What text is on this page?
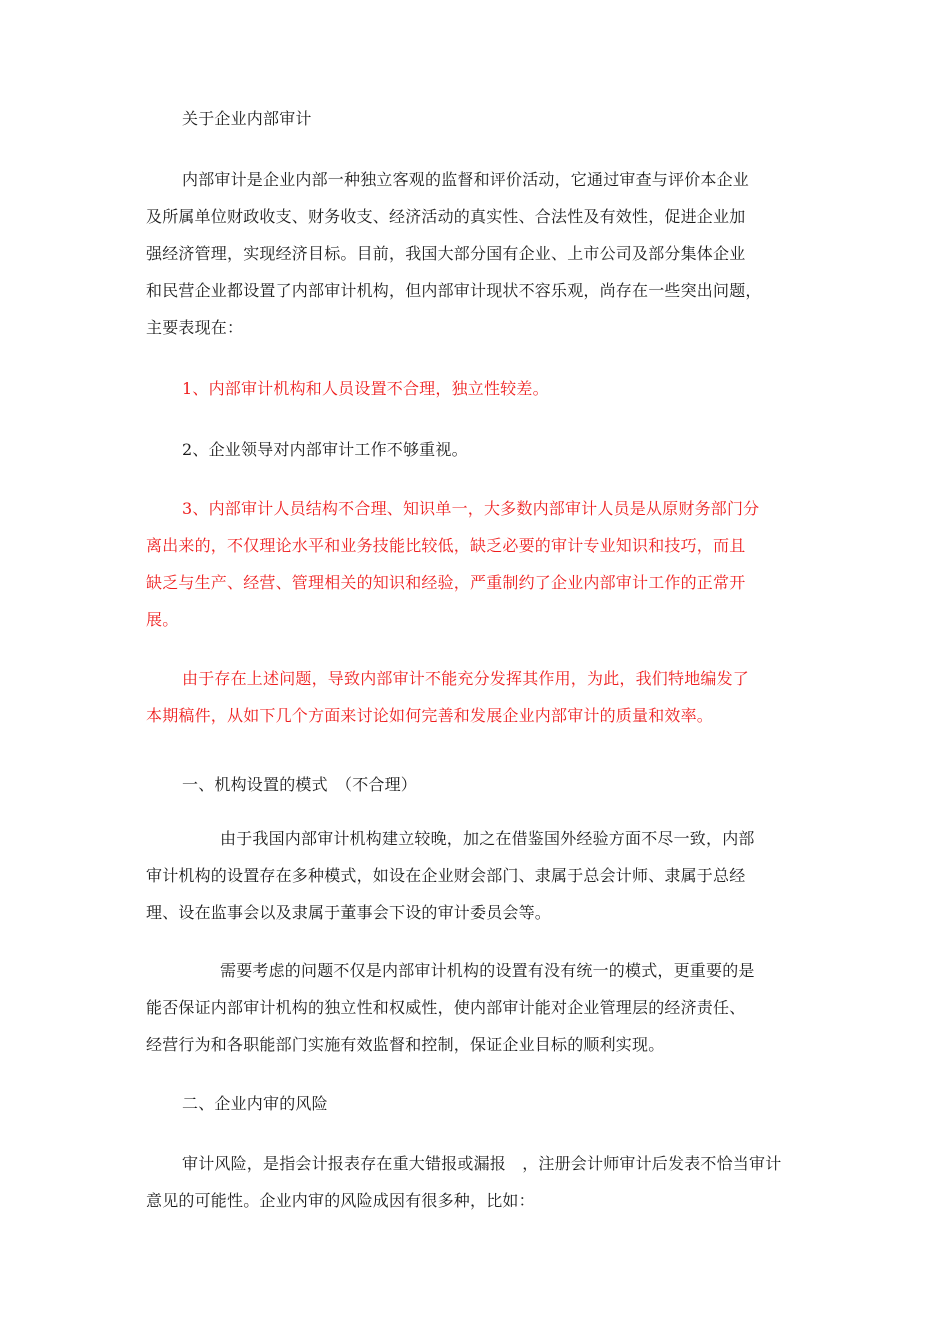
关于企业内部审计

内部审计是企业内部一种独立客观的监督和评价活动，它通过审查与评价本企业
及所属单位财政收支、财务收支、经济活动的真实性、合法性及有效性，促进企业加
强经济管理，实现经济目标。目前，我国大部分国有企业、上市公司及部分集体企业
和民营企业都设置了内部审计机构，但内部审计现状不容乐观，尚存在一些突出问题，
主要表现在：

1、内部审计机构和人员设置不合理，独立性较差。

2、企业领导对内部审计工作不够重视。

3、内部审计人员结构不合理、知识单一，大多数内部审计人员是从原财务部门分
离出来的，不仅理论水平和业务技能比较低，缺乏必要的审计专业知识和技巧，而且
缺乏与生产、经营、管理相关的知识和经验，严重制约了企业内部审计工作的正常开
展。

由于存在上述问题，导致内部审计不能充分发挥其作用，为此，我们特地编发了
本期稿件，从如下几个方面来讨论如何完善和发展企业内部审计的质量和效率。

一、机构设置的模式　（不合理）

由于我国内部审计机构建立较晚，加之在借鉴国外经验方面不尽一致，内部
审计机构的设置存在多种模式，如设在企业财会部门、隶属于总会计师、隶属于总经
理、设在监事会以及隶属于董事会下设的审计委员会等。

需要考虑的问题不仅是内部审计机构的设置有没有统一的模式，更重要的是
能否保证内部审计机构的独立性和权威性，使内部审计能对企业管理层的经济责任、
经营行为和各职能部门实施有效监督和控制，保证企业目标的顺利实现。

二、企业内审的风险

审计风险，是指会计报表存在重大错报或漏报　，注册会计师审计后发表不恰当审计
意见的可能性。企业内审的风险成因有很多种，比如：
